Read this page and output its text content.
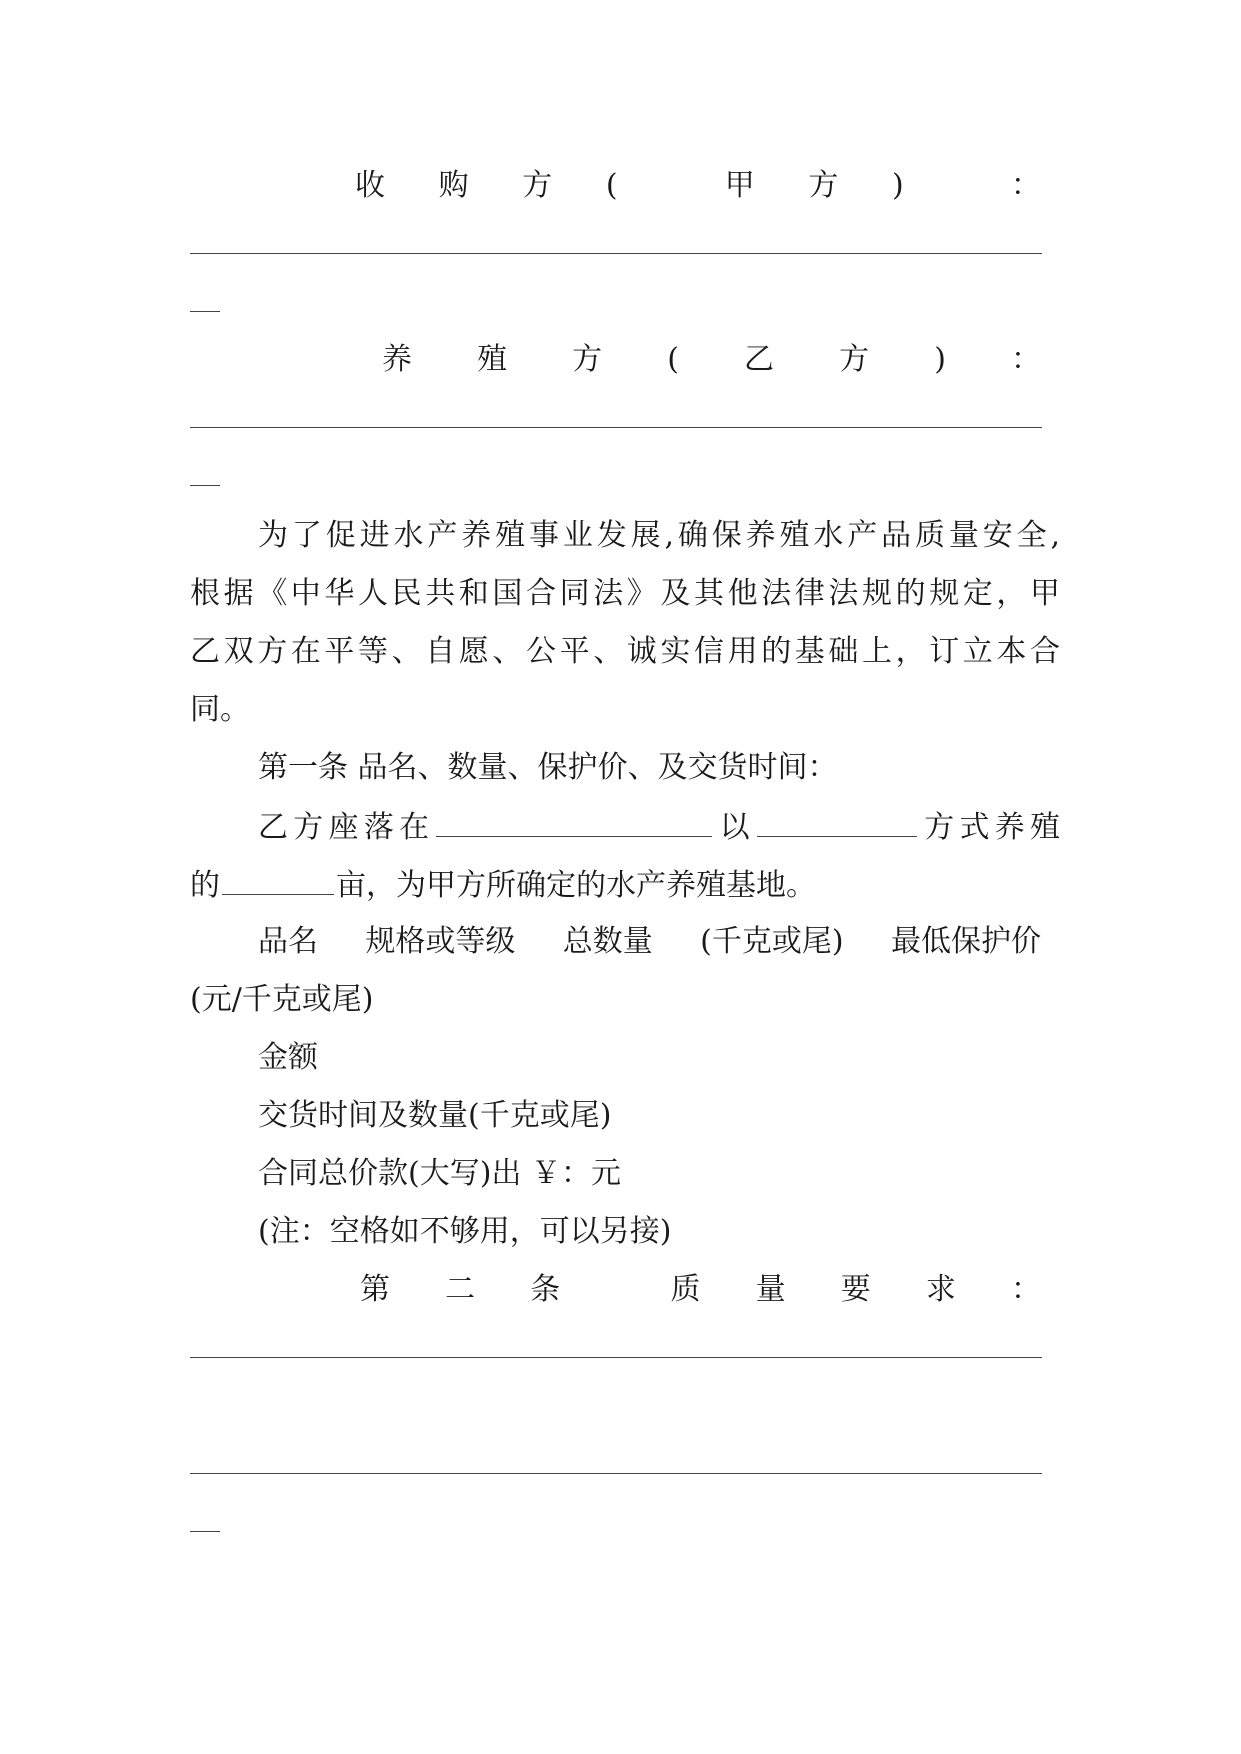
收 购 方 (	甲 方 )	：
养 殖 方 ( 乙 方 ) ：
为了促进水产养殖事业发展,确保养殖水产品质量安全,
根据《中华人民共和国合同法》及其他法律法规的规定，甲
乙双方在平等、自愿、公平、诚实信用的基础上，订立本合
同。
第一条 品名、数量、保护价、及交货时间：
乙方座落在	以	方式养殖
的	亩，为甲方所确定的水产养殖基地。
品名 规格或等级 总数量 (千克或尾) 最低保护价
(元/千克或尾)
金额
交货时间及数量(千克或尾)
合同总价款(大写)出 ￥：元
(注：空格如不够用，可以另接)
第 二 条	质 量 要 求 ：
